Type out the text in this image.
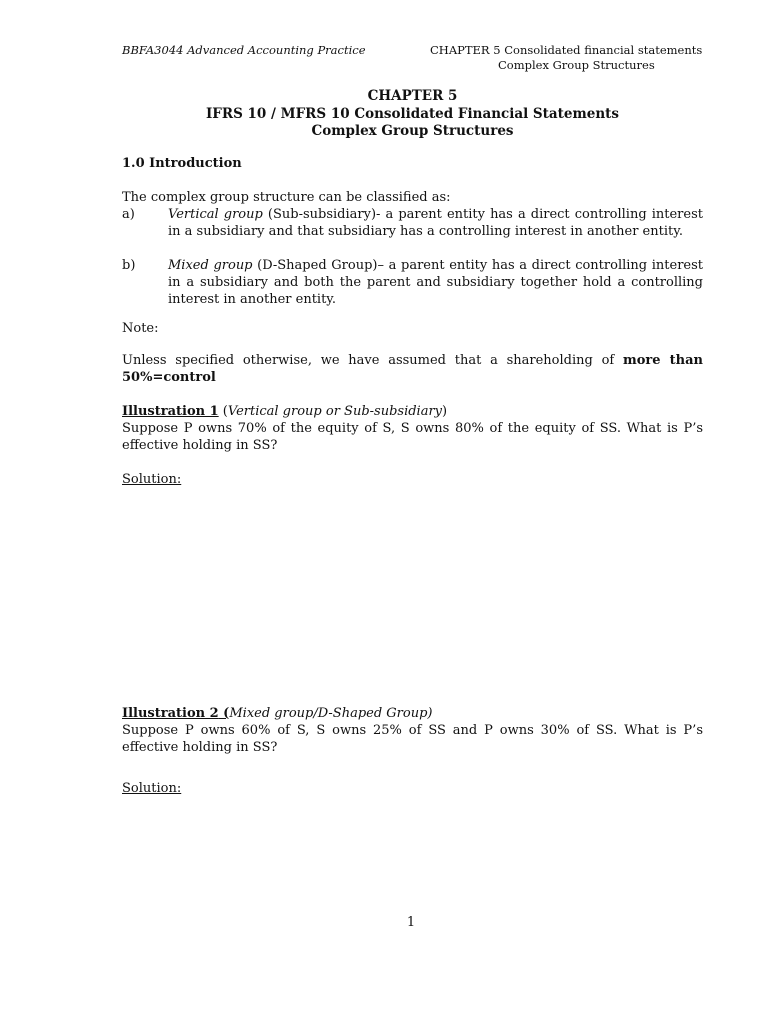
BBFA3044 Advanced Accounting Practice	CHAPTER 5 Consolidated financial statements
Complex Group Structures
CHAPTER 5
IFRS 10 / MFRS 10 Consolidated Financial Statements
Complex Group Structures
1.0 Introduction
The complex group structure can be classified as:
a)	Vertical group (Sub-subsidiary)- a parent entity has a direct controlling interest in a subsidiary and that subsidiary has a controlling interest in another entity.
b)	Mixed group (D-Shaped Group)– a parent entity has a direct controlling interest in a subsidiary and both the parent and subsidiary together hold a controlling interest in another entity.
Note:
Unless specified otherwise, we have assumed that a shareholding of more than 50%=control
Illustration 1 (Vertical group or Sub-subsidiary)
Suppose P owns 70% of the equity of S, S owns 80% of the equity of SS. What is P’s effective holding in SS?
Solution:
Illustration 2 (Mixed group/D-Shaped Group)
Suppose P owns 60% of S, S owns 25% of SS and P owns 30% of SS. What is P’s effective holding in SS?
Solution:
1
